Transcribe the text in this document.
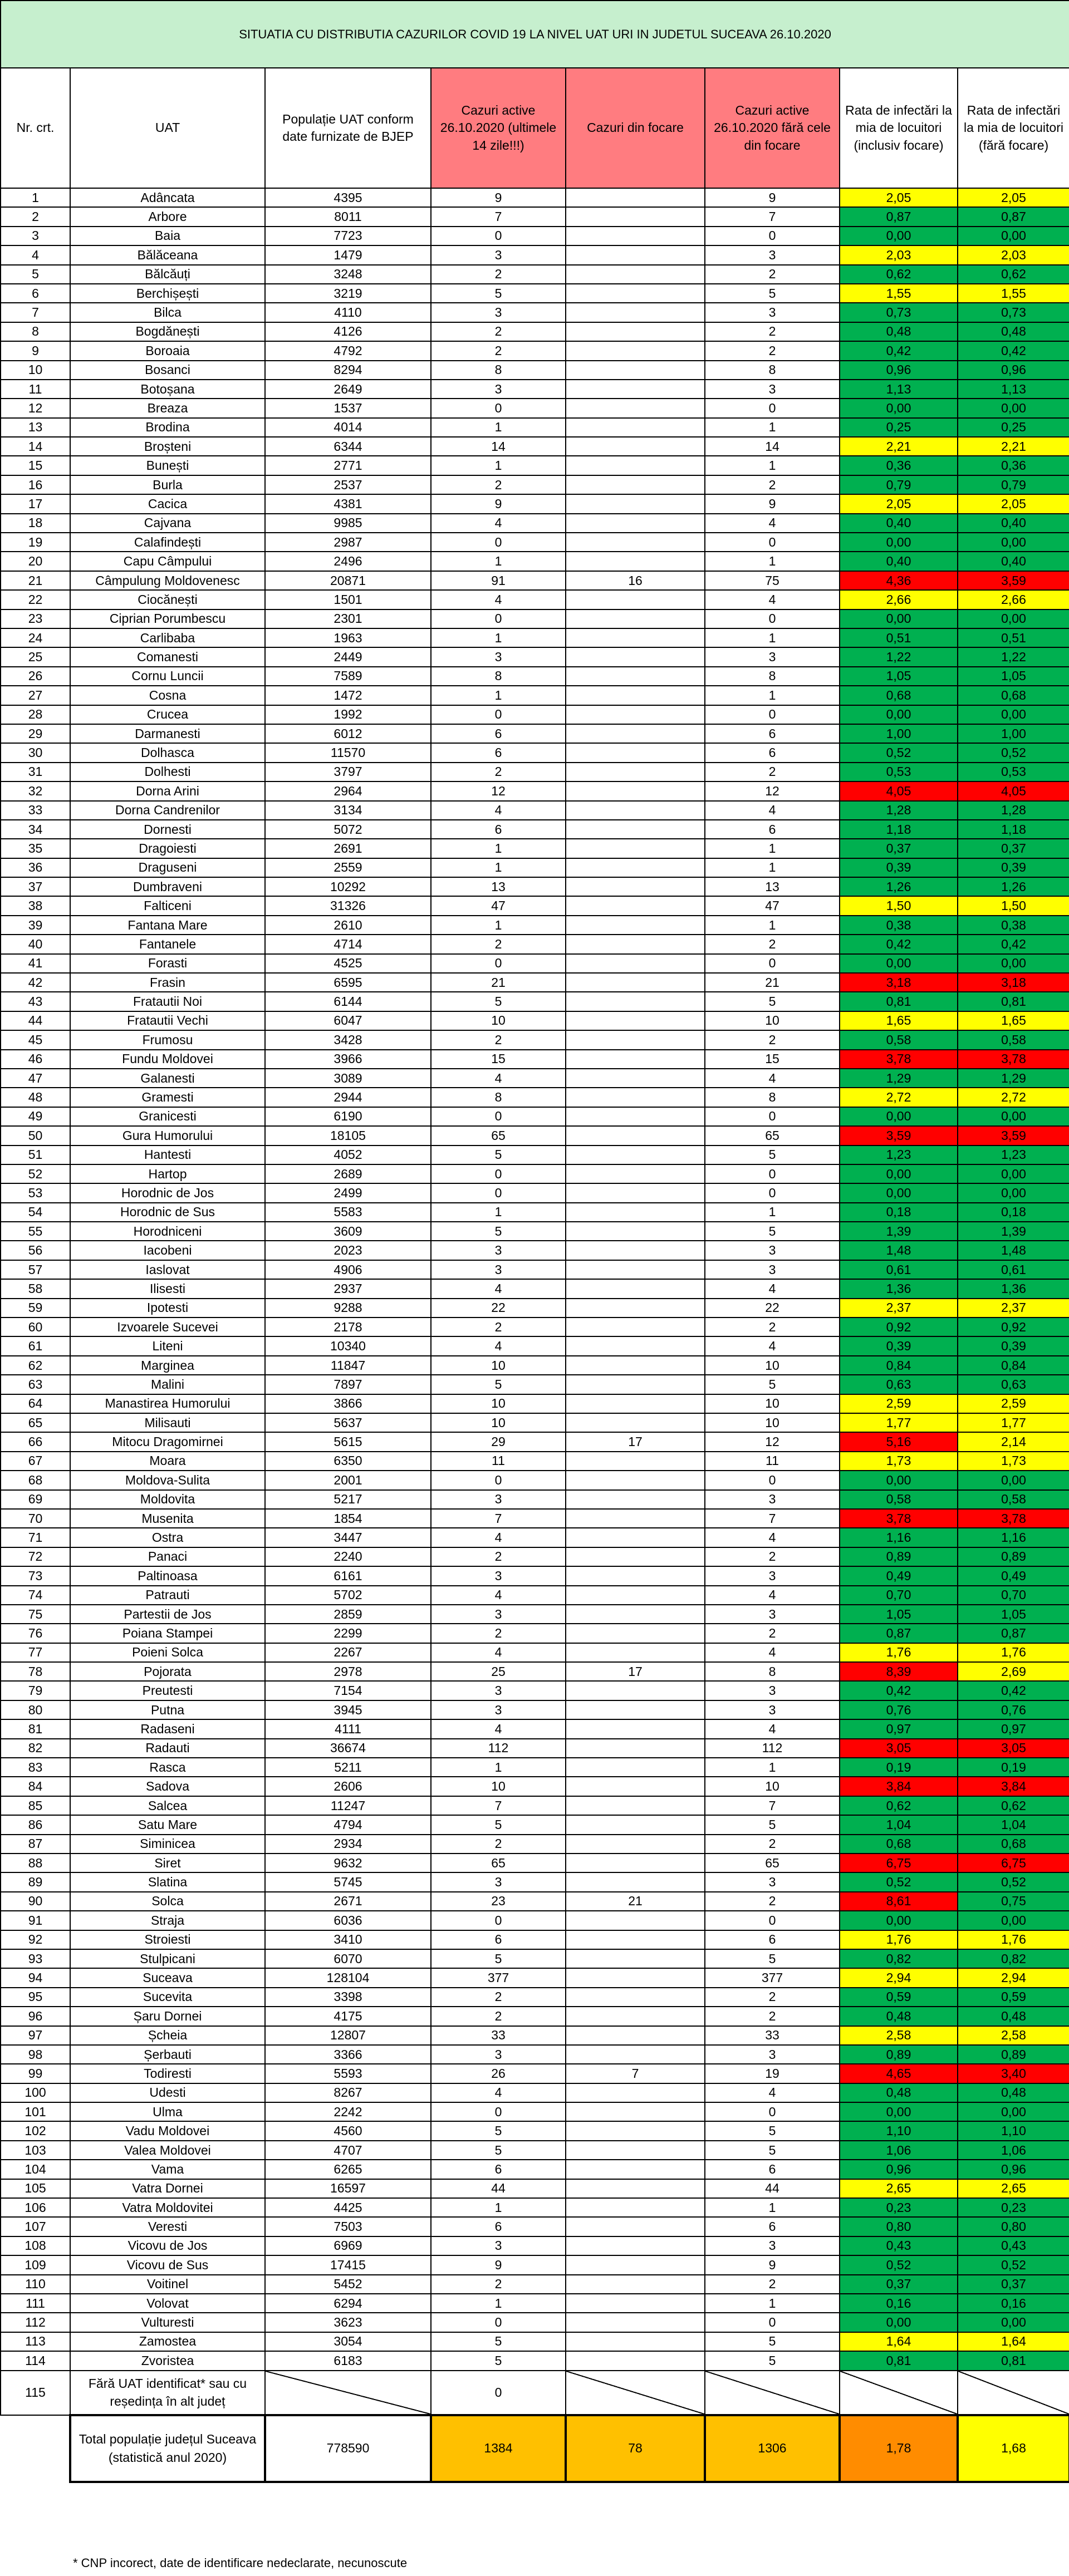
SITUATIA CU DISTRIBUTIA CAZURILOR COVID 19 LA NIVEL UAT URI IN JUDETUL SUCEAVA 26.10.2020							
Nr. crt.	UAT	Populație UAT conform date furnizate de BJEP	Cazuri active 26.10.2020 (ultimele 14 zile!!!)	Cazuri din focare	Cazuri active 26.10.2020 fără cele din focare	Rata de infectări la mia de locuitori (inclusiv focare)	Rata de infectări la mia de locuitori (fără focare)
1	Adâncata	4395	9		9	2,05	2,05
2	Arbore	8011	7		7	0,87	0,87
3	Baia	7723	0		0	0,00	0,00
4	Bălăceana	1479	3		3	2,03	2,03
5	Bălcăuți	3248	2		2	0,62	0,62
6	Berchișești	3219	5		5	1,55	1,55
7	Bilca	4110	3		3	0,73	0,73
8	Bogdănești	4126	2		2	0,48	0,48
9	Boroaia	4792	2		2	0,42	0,42
10	Bosanci	8294	8		8	0,96	0,96
11	Botoșana	2649	3		3	1,13	1,13
12	Breaza	1537	0		0	0,00	0,00
13	Brodina	4014	1		1	0,25	0,25
14	Broșteni	6344	14		14	2,21	2,21
15	Bunești	2771	1		1	0,36	0,36
16	Burla	2537	2		2	0,79	0,79
17	Cacica	4381	9		9	2,05	2,05
18	Cajvana	9985	4		4	0,40	0,40
19	Calafindești	2987	0		0	0,00	0,00
20	Capu Câmpului	2496	1		1	0,40	0,40
21	Câmpulung Moldovenesc	20871	91	16	75	4,36	3,59
22	Ciocănești	1501	4		4	2,66	2,66
23	Ciprian Porumbescu	2301	0		0	0,00	0,00
24	Carlibaba	1963	1		1	0,51	0,51
25	Comanesti	2449	3		3	1,22	1,22
26	Cornu Luncii	7589	8		8	1,05	1,05
27	Cosna	1472	1		1	0,68	0,68
28	Crucea	1992	0		0	0,00	0,00
29	Darmanesti	6012	6		6	1,00	1,00
30	Dolhasca	11570	6		6	0,52	0,52
31	Dolhesti	3797	2		2	0,53	0,53
32	Dorna Arini	2964	12		12	4,05	4,05
33	Dorna Candrenilor	3134	4		4	1,28	1,28
34	Dornesti	5072	6		6	1,18	1,18
35	Dragoiesti	2691	1		1	0,37	0,37
36	Draguseni	2559	1		1	0,39	0,39
37	Dumbraveni	10292	13		13	1,26	1,26
38	Falticeni	31326	47		47	1,50	1,50
39	Fantana Mare	2610	1		1	0,38	0,38
40	Fantanele	4714	2		2	0,42	0,42
41	Forasti	4525	0		0	0,00	0,00
42	Frasin	6595	21		21	3,18	3,18
43	Fratautii Noi	6144	5		5	0,81	0,81
44	Fratautii Vechi	6047	10		10	1,65	1,65
45	Frumosu	3428	2		2	0,58	0,58
46	Fundu Moldovei	3966	15		15	3,78	3,78
47	Galanesti	3089	4		4	1,29	1,29
48	Gramesti	2944	8		8	2,72	2,72
49	Granicesti	6190	0		0	0,00	0,00
50	Gura Humorului	18105	65		65	3,59	3,59
51	Hantesti	4052	5		5	1,23	1,23
52	Hartop	2689	0		0	0,00	0,00
53	Horodnic de Jos	2499	0		0	0,00	0,00
54	Horodnic de Sus	5583	1		1	0,18	0,18
55	Horodniceni	3609	5		5	1,39	1,39
56	Iacobeni	2023	3		3	1,48	1,48
57	Iaslovat	4906	3		3	0,61	0,61
58	Ilisesti	2937	4		4	1,36	1,36
59	Ipotesti	9288	22		22	2,37	2,37
60	Izvoarele Sucevei	2178	2		2	0,92	0,92
61	Liteni	10340	4		4	0,39	0,39
62	Marginea	11847	10		10	0,84	0,84
63	Malini	7897	5		5	0,63	0,63
64	Manastirea Humorului	3866	10		10	2,59	2,59
65	Milisauti	5637	10		10	1,77	1,77
66	Mitocu Dragomirnei	5615	29	17	12	5,16	2,14
67	Moara	6350	11		11	1,73	1,73
68	Moldova-Sulita	2001	0		0	0,00	0,00
69	Moldovita	5217	3		3	0,58	0,58
70	Musenita	1854	7		7	3,78	3,78
71	Ostra	3447	4		4	1,16	1,16
72	Panaci	2240	2		2	0,89	0,89
73	Paltinoasa	6161	3		3	0,49	0,49
74	Patrauti	5702	4		4	0,70	0,70
75	Partestii de Jos	2859	3		3	1,05	1,05
76	Poiana Stampei	2299	2		2	0,87	0,87
77	Poieni Solca	2267	4		4	1,76	1,76
78	Pojorata	2978	25	17	8	8,39	2,69
79	Preutesti	7154	3		3	0,42	0,42
80	Putna	3945	3		3	0,76	0,76
81	Radaseni	4111	4		4	0,97	0,97
82	Radauti	36674	112		112	3,05	3,05
83	Rasca	5211	1		1	0,19	0,19
84	Sadova	2606	10		10	3,84	3,84
85	Salcea	11247	7		7	0,62	0,62
86	Satu Mare	4794	5		5	1,04	1,04
87	Siminicea	2934	2		2	0,68	0,68
88	Siret	9632	65		65	6,75	6,75
89	Slatina	5745	3		3	0,52	0,52
90	Solca	2671	23	21	2	8,61	0,75
91	Straja	6036	0		0	0,00	0,00
92	Stroiesti	3410	6		6	1,76	1,76
93	Stulpicani	6070	5		5	0,82	0,82
94	Suceava	128104	377		377	2,94	2,94
95	Sucevita	3398	2		2	0,59	0,59
96	Șaru Dornei	4175	2		2	0,48	0,48
97	Șcheia	12807	33		33	2,58	2,58
98	Șerbauti	3366	3		3	0,89	0,89
99	Todiresti	5593	26	7	19	4,65	3,40
100	Udesti	8267	4		4	0,48	0,48
101	Ulma	2242	0		0	0,00	0,00
102	Vadu Moldovei	4560	5		5	1,10	1,10
103	Valea Moldovei	4707	5		5	1,06	1,06
104	Vama	6265	6		6	0,96	0,96
105	Vatra Dornei	16597	44		44	2,65	2,65
106	Vatra Moldovitei	4425	1		1	0,23	0,23
107	Veresti	7503	6		6	0,80	0,80
108	Vicovu de Jos	6969	3		3	0,43	0,43
109	Vicovu de Sus	17415	9		9	0,52	0,52
110	Voitinel	5452	2		2	0,37	0,37
111	Volovat	6294	1		1	0,16	0,16
112	Vulturesti	3623	0		0	0,00	0,00
113	Zamostea	3054	5		5	1,64	1,64
114	Zvoristea	6183	5		5	0,81	0,81
115	Fără UAT identificat* sau cu reședința în alt județ		0				
	Total populație județul Suceava (statistică anul 2020)	778590	1384	78	1306	1,78	1,68
* CNP incorect, date de identificare nedeclarate, necunoscute
